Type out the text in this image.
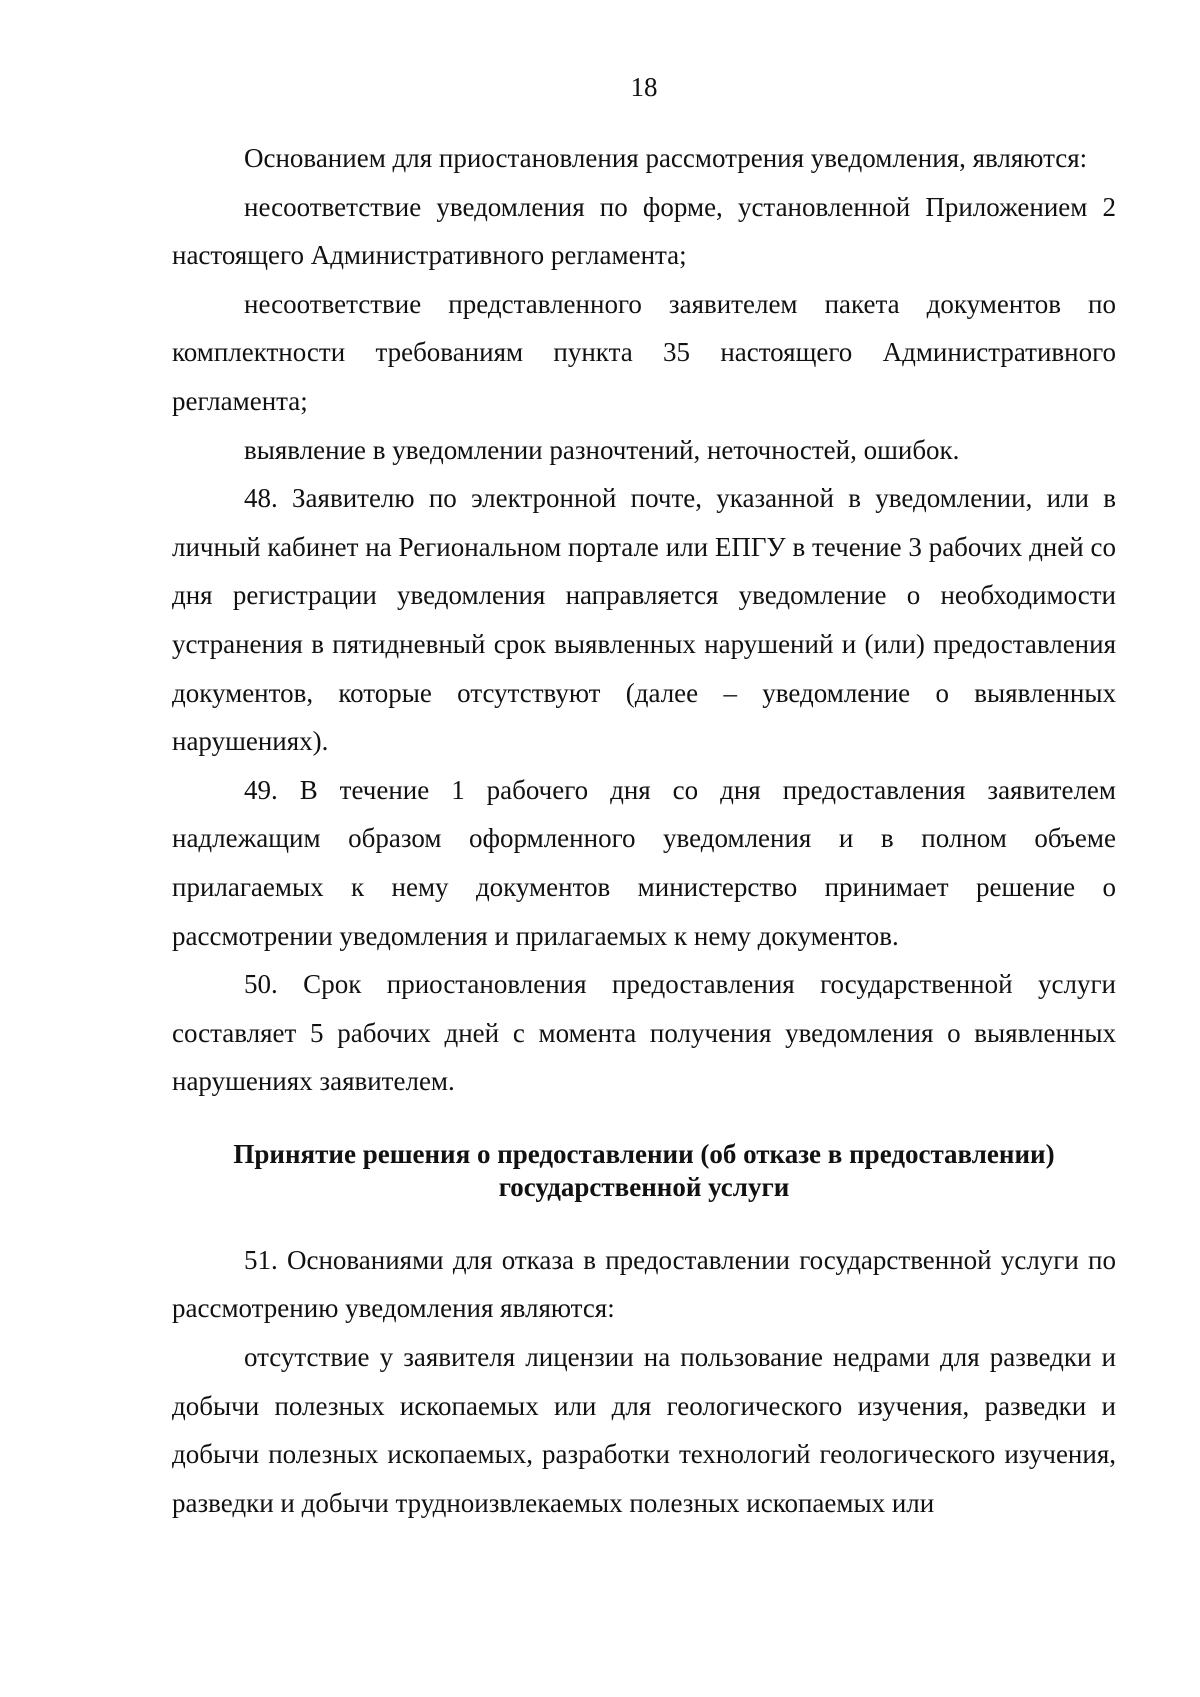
18

Основанием для приостановления рассмотрения уведомления, являются:

несоответствие уведомления по форме, установленной Приложением 2 настоящего Административного регламента;

несоответствие представленного заявителем пакета документов по комплектности требованиям пункта 35 настоящего Административного регламента;

выявление в уведомлении разночтений, неточностей, ошибок.

48. Заявителю по электронной почте, указанной в уведомлении, или в личный кабинет на Региональном портале или ЕПГУ в течение 3 рабочих дней со дня регистрации уведомления направляется уведомление о необходимости устранения в пятидневный срок выявленных нарушений и (или) предоставления документов, которые отсутствуют (далее – уведомление о выявленных нарушениях).

49. В течение 1 рабочего дня со дня предоставления заявителем надлежащим образом оформленного уведомления и в полном объеме прилагаемых к нему документов министерство принимает решение о рассмотрении уведомления и прилагаемых к нему документов.

50. Срок приостановления предоставления государственной услуги составляет 5 рабочих дней с момента получения уведомления о выявленных нарушениях заявителем.

Принятие решения о предоставлении (об отказе в предоставлении)
государственной услуги

51. Основаниями для отказа в предоставлении государственной услуги по рассмотрению уведомления являются:

отсутствие у заявителя лицензии на пользование недрами для разведки и добычи полезных ископаемых или для геологического изучения, разведки и добычи полезных ископаемых, разработки технологий геологического изучения, разведки и добычи трудноизвлекаемых полезных ископаемых или
